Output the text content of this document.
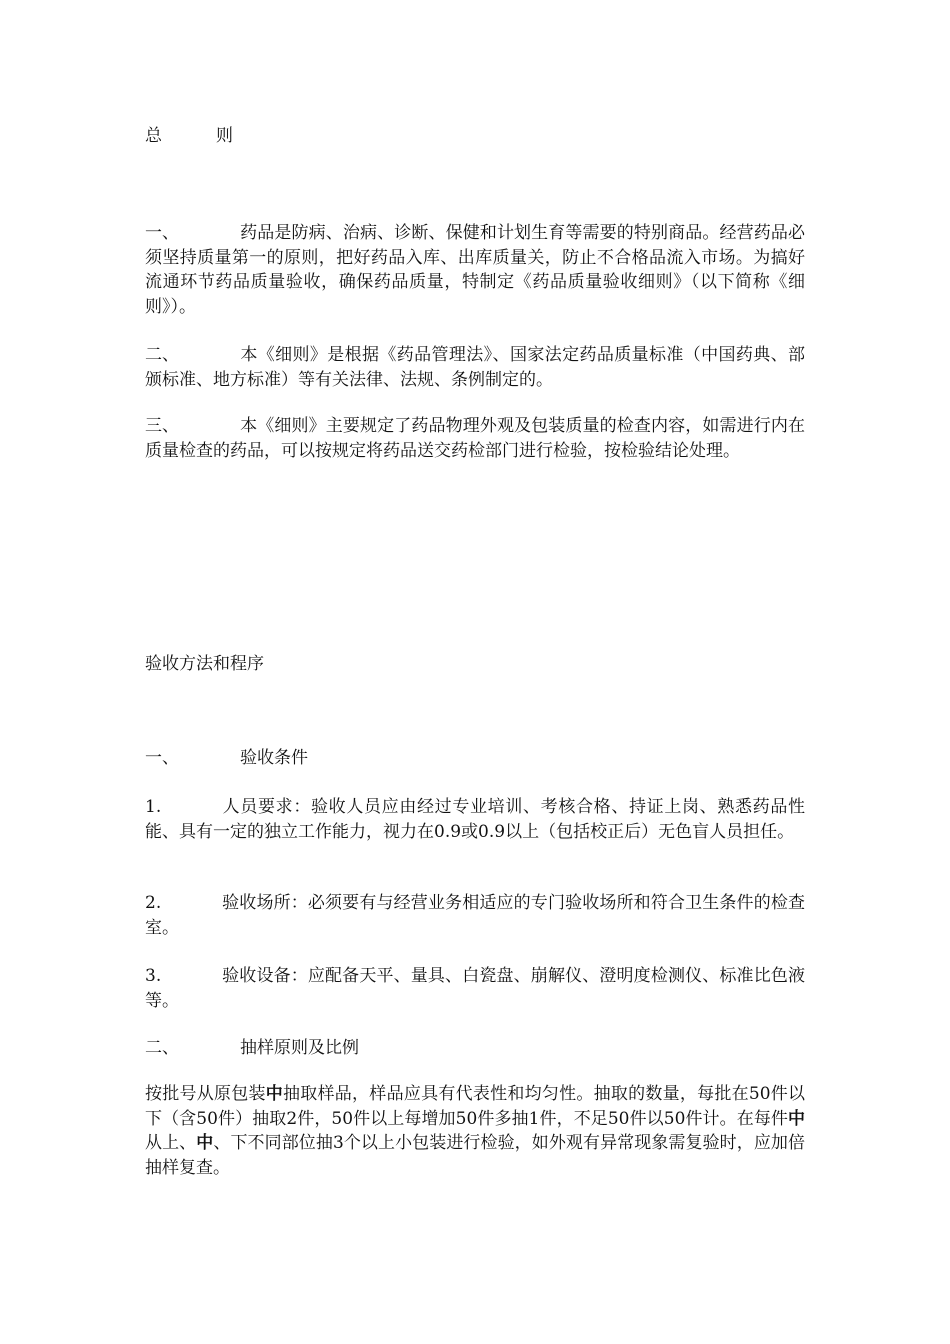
总          则
一、	药品是防病、治病、诊断、保健和计划生育等需要的特别商品。经营药品必须坚持质量第一的原则，把好药品入库、出库质量关，防止不合格品流入市场。为搞好流通环节药品质量验收，确保药品质量，特制定《药品质量验收细则》（以下简称《细则》）。
二、	本《细则》是根据《药品管理法》、国家法定药品质量标准（中国药典、部颁标准、地方标准）等有关法律、法规、条例制定的。
三、	本《细则》主要规定了药品物理外观及包装质量的检查内容，如需进行内在质量检查的药品，可以按规定将药品送交药检部门进行检验，按检验结论处理。
验收方法和程序
一、	验收条件
1.	人员要求：验收人员应由经过专业培训、考核合格、持证上岗、熟悉药品性能、具有一定的独立工作能力，视力在0.9或0.9以上（包括校正后）无色盲人员担任。
2.	验收场所：必须要有与经营业务相适应的专门验收场所和符合卫生条件的检查室。
3.	验收设备：应配备天平、量具、白瓷盘、崩解仪、澄明度检测仪、标准比色液等。
二、	抽样原则及比例
按批号从原包装中抽取样品，样品应具有代表性和均匀性。抽取的数量，每批在50件以下（含50件）抽取2件，50件以上每增加50件多抽1件，不足50件以50件计。在每件中从上、中、下不同部位抽3个以上小包装进行检验，如外观有异常现象需复验时，应加倍抽样复查。
